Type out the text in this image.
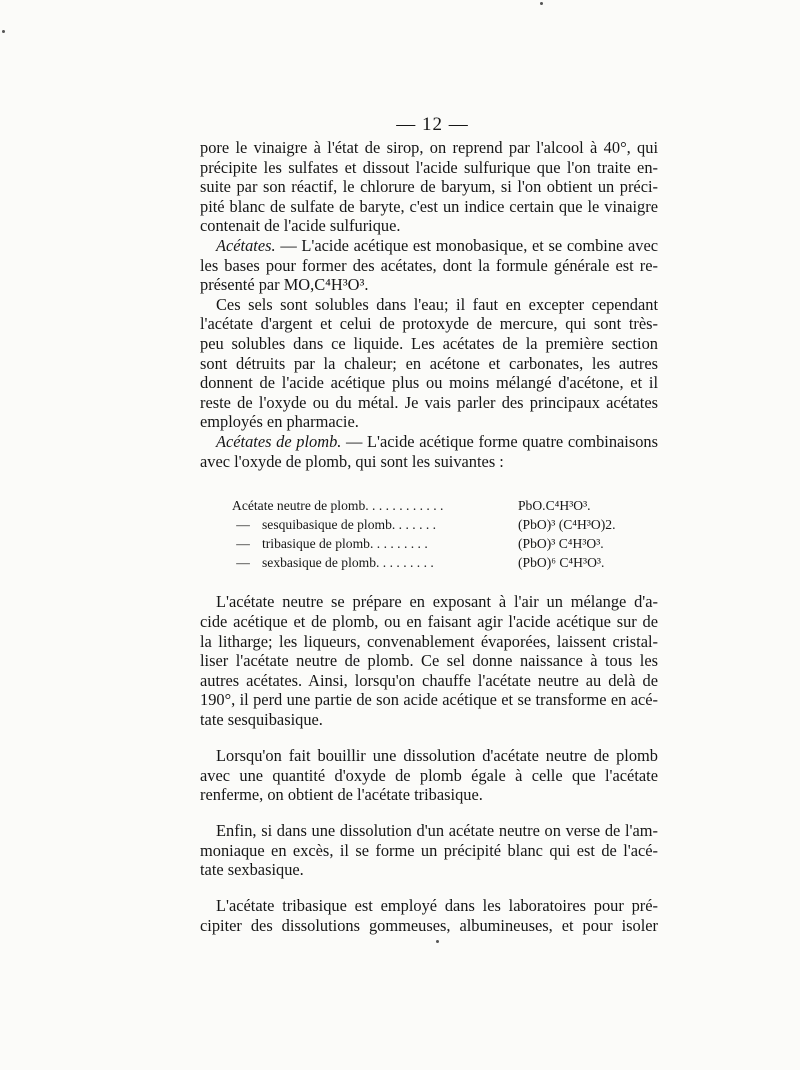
— 12 —

pore le vinaigre à l'état de sirop, on reprend par l'alcool à 40°, qui
précipite les sulfates et dissout l'acide sulfurique que l'on traite en-
suite par son réactif, le chlorure de baryum, si l'on obtient un préci-
pité blanc de sulfate de baryte, c'est un indice certain que le vinaigre
contenait de l'acide sulfurique.

Acétates. — L'acide acétique est monobasique, et se combine avec
les bases pour former des acétates, dont la formule générale est re-
présenté par MO,C⁴H³O³.

Ces sels sont solubles dans l'eau; il faut en excepter cependant
l'acétate d'argent et celui de protoxyde de mercure, qui sont très-
peu solubles dans ce liquide. Les acétates de la première section
sont détruits par la chaleur; en acétone et carbonates, les autres
donnent de l'acide acétique plus ou moins mélangé d'acétone, et il
reste de l'oxyde ou du métal. Je vais parler des principaux acétates
employés en pharmacie.

Acétates de plomb. — L'acide acétique forme quatre combinaisons
avec l'oxyde de plomb, qui sont les suivantes :

	Acétate neutre de plomb. . . . . . . . . . . .	PbO.C⁴H³O³.
—	sesquibasique de plomb. . . . . . .	(PbO)³ (C⁴H³O)2.
—	tribasique de plomb. . . . . . . . .	(PbO)³ C⁴H³O³.
—	sexbasique de plomb. . . . . . . . .	(PbO)⁶ C⁴H³O³.

L'acétate neutre se prépare en exposant à l'air un mélange d'a-
cide acétique et de plomb, ou en faisant agir l'acide acétique sur de
la litharge; les liqueurs, convenablement évaporées, laissent cristal-
liser l'acétate neutre de plomb. Ce sel donne naissance à tous les
autres acétates. Ainsi, lorsqu'on chauffe l'acétate neutre au delà de
190°, il perd une partie de son acide acétique et se transforme en acé-
tate sesquibasique.

Lorsqu'on fait bouillir une dissolution d'acétate neutre de plomb
avec une quantité d'oxyde de plomb égale à celle que l'acétate
renferme, on obtient de l'acétate tribasique.

Enfin, si dans une dissolution d'un acétate neutre on verse de l'am-
moniaque en excès, il se forme un précipité blanc qui est de l'acé-
tate sexbasique.

L'acétate tribasique est employé dans les laboratoires pour pré-
cipiter des dissolutions gommeuses, albumineuses, et pour isoler
